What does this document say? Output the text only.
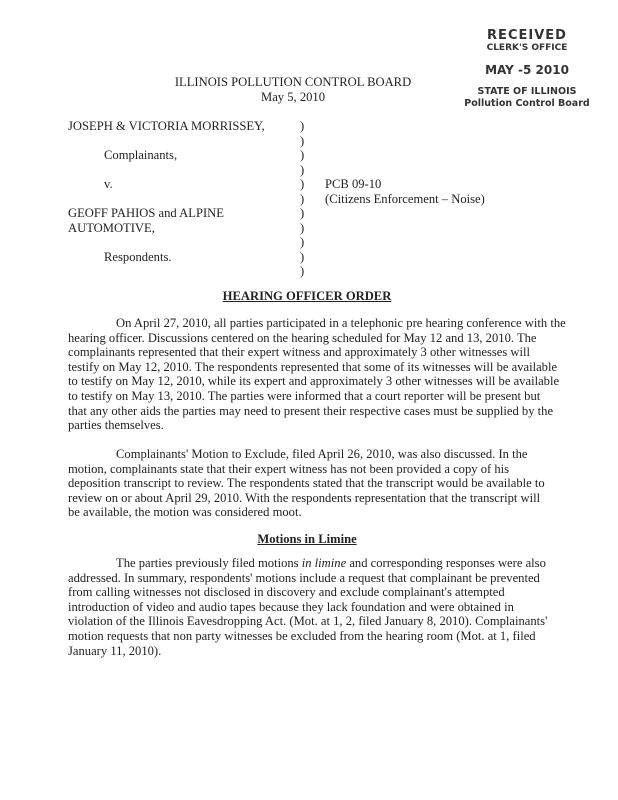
RECEIVED
CLERK'S OFFICE
MAY -5 2010
STATE OF ILLINOIS
Pollution Control Board
ILLINOIS POLLUTION CONTROL BOARD
May 5, 2010
JOSEPH & VICTORIA MORRISSEY,	)
)
Complainants,	)
)
v.	) PCB 09-10
) (Citizens Enforcement – Noise)
GEOFF PAHIOS and ALPINE	)
AUTOMOTIVE,	)
)
Respondents.	)
)
HEARING OFFICER ORDER
On April 27, 2010, all parties participated in a telephonic pre hearing conference with the
hearing officer. Discussions centered on the hearing scheduled for May 12 and 13, 2010. The
complainants represented that their expert witness and approximately 3 other witnesses will
testify on May 12, 2010. The respondents represented that some of its witnesses will be available
to testify on May 12, 2010, while its expert and approximately 3 other witnesses will be available
to testify on May 13, 2010. The parties were informed that a court reporter will be present but
that any other aids the parties may need to present their respective cases must be supplied by the
parties themselves.
Complainants' Motion to Exclude, filed April 26, 2010, was also discussed. In the
motion, complainants state that their expert witness has not been provided a copy of his
deposition transcript to review. The respondents stated that the transcript would be available to
review on or about April 29, 2010. With the respondents representation that the transcript will
be available, the motion was considered moot.
Motions in Limine
The parties previously filed motions in limine and corresponding responses were also
addressed. In summary, respondents' motions include a request that complainant be prevented
from calling witnesses not disclosed in discovery and exclude complainant's attempted
introduction of video and audio tapes because they lack foundation and were obtained in
violation of the Illinois Eavesdropping Act. (Mot. at 1, 2, filed January 8, 2010). Complainants'
motion requests that non party witnesses be excluded from the hearing room (Mot. at 1, filed
January 11, 2010).
